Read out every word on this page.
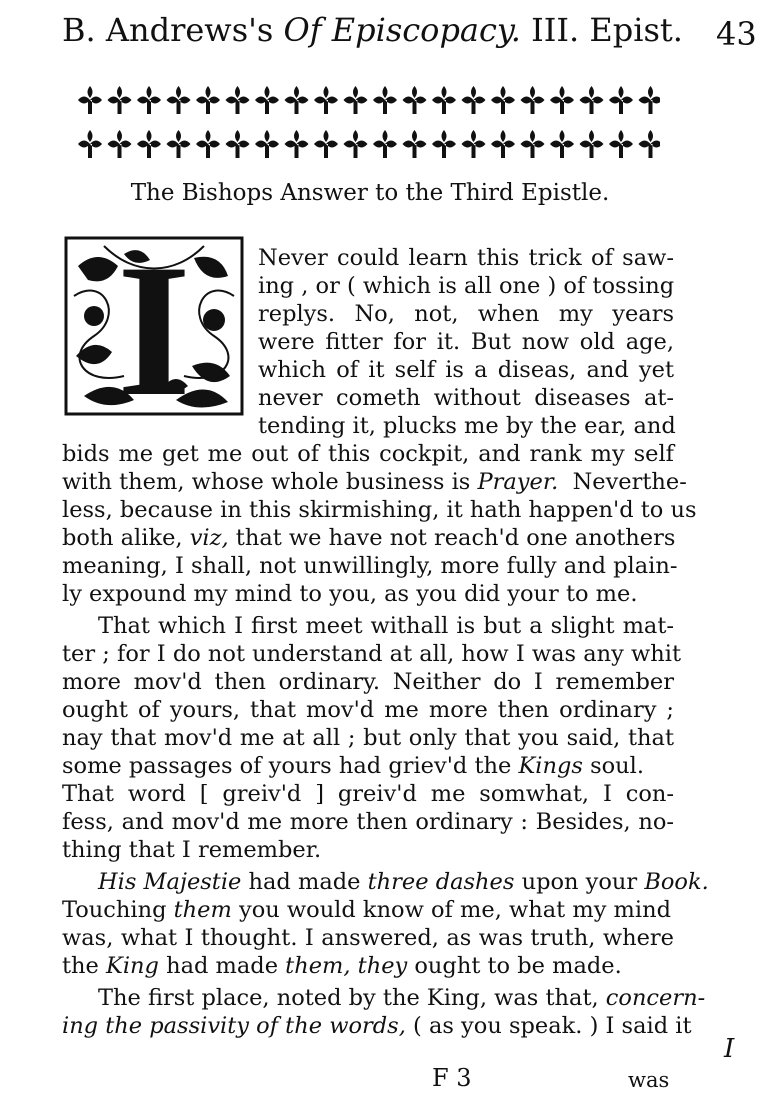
B. Andrews's Of Episcopacy. III. Epist. 43
The Bishops Answer to the Third Epistle.
I	Never could learn this trick of saw-
ing , or ( which is all one ) of tossing
replys. No, not, when my years
were fitter for it. But now old age,
which of it self is a diseas, and yet
never cometh without diseases at-
tending it, plucks me by the ear, and
bids me get me out of this cockpit, and rank my self
with them, whose whole business is Prayer. Neverthe-
less, because in this skirmishing, it hath happen'd to us
both alike, viz, that we have not reach'd one anothers
meaning, I shall, not unwillingly, more fully and plain-
ly expound my mind to you, as you did your to me.
That which I first meet withall is but a slight mat-
ter ; for I do not understand at all, how I was any whit
more mov'd then ordinary. Neither do I remember
ought of yours, that mov'd me more then ordinary ;
nay that mov'd me at all ; but only that you said, that
some passages of yours had griev'd the Kings soul.
That word [ greiv'd ] greiv'd me somwhat, I con-
fess, and mov'd me more then ordinary : Besides, no-
thing that I remember.
His Majestie had made three dashes upon your Book.
Touching them you would know of me, what my mind
was, what I thought. I answered, as was truth, where
the King had made them, they ought to be made.
The first place, noted by the King, was that, concern-
ing the passivity of the words, ( as you speak. ) I said it
I
F 3	was
